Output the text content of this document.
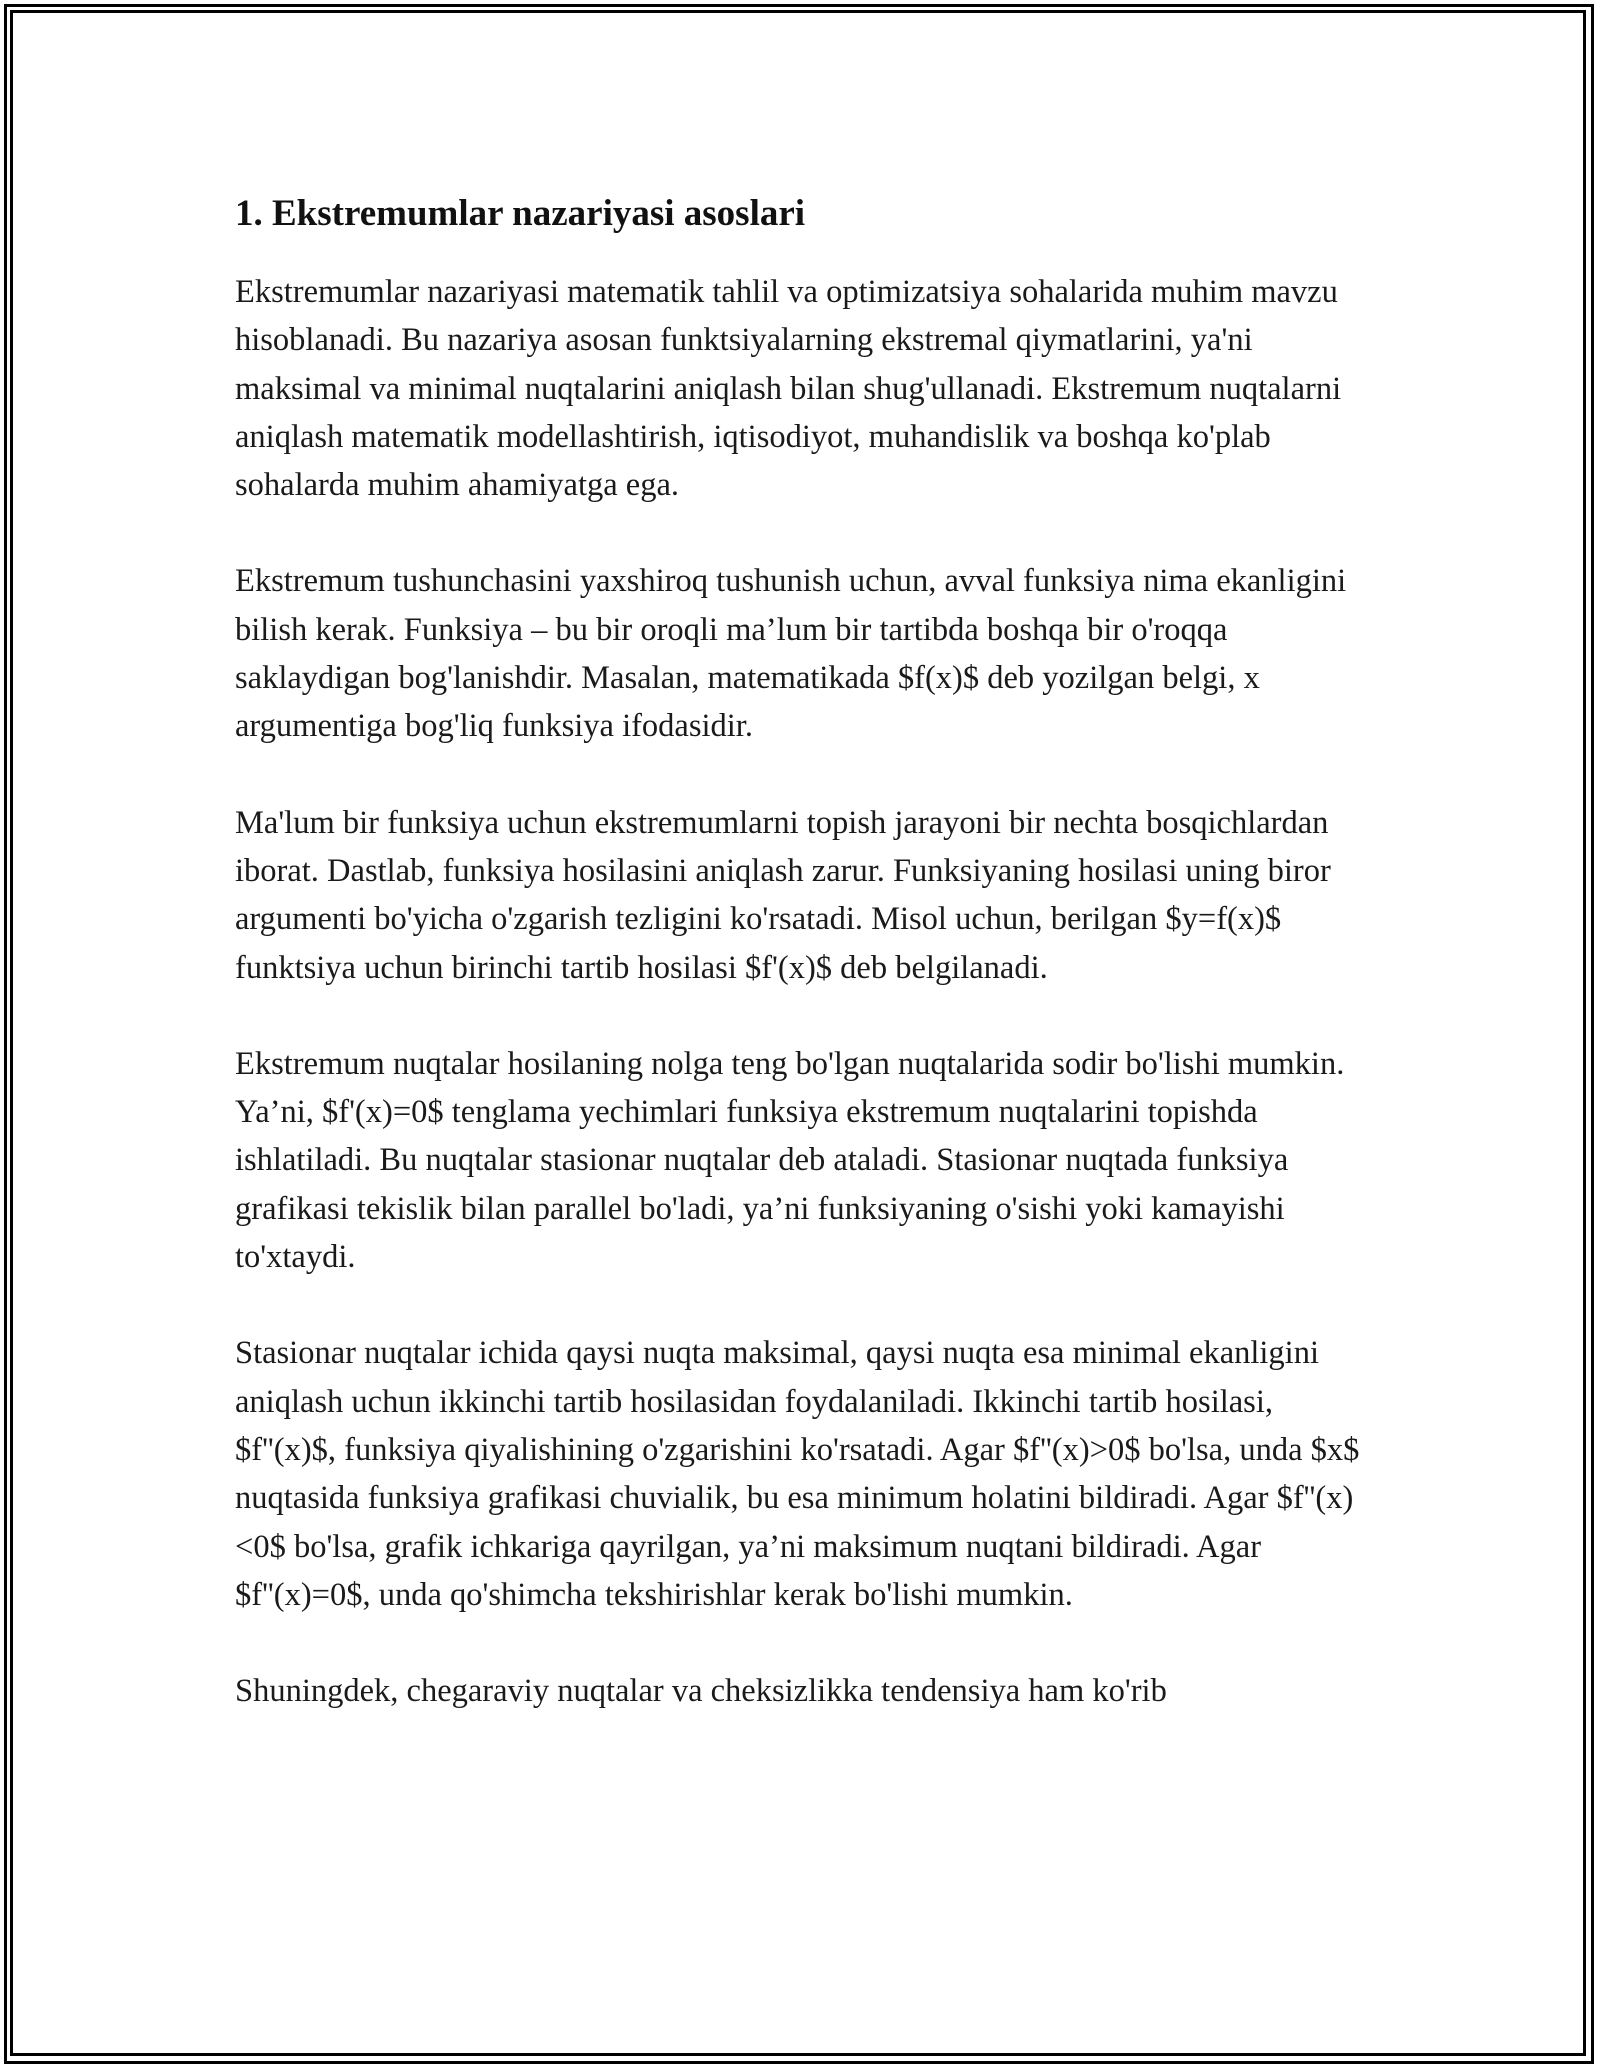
1. Ekstremumlar nazariyasi asoslari

Ekstremumlar nazariyasi matematik tahlil va optimizatsiya sohalarida muhim mavzu hisoblanadi. Bu nazariya asosan funktsiyalarning ekstremal qiymatlarini, ya'ni maksimal va minimal nuqtalarini aniqlash bilan shug'ullanadi. Ekstremum nuqtalarni aniqlash matematik modellashtirish, iqtisodiyot, muhandislik va boshqa ko'plab sohalarda muhim ahamiyatga ega.

Ekstremum tushunchasini yaxshiroq tushunish uchun, avval funksiya nima ekanligini bilish kerak. Funksiya – bu bir oroqli ma’lum bir tartibda boshqa bir o'roqqa saklaydigan bog'lanishdir. Masalan, matematikada $f(x)$ deb yozilgan belgi, x argumentiga bog'liq funksiya ifodasidir.

Ma'lum bir funksiya uchun ekstremumlarni topish jarayoni bir nechta bosqichlardan iborat. Dastlab, funksiya hosilasini aniqlash zarur. Funksiyaning hosilasi uning biror argumenti bo'yicha o'zgarish tezligini ko'rsatadi. Misol uchun, berilgan $y=f(x)$ funktsiya uchun birinchi tartib hosilasi $f'(x)$ deb belgilanadi.

Ekstremum nuqtalar hosilaning nolga teng bo'lgan nuqtalarida sodir bo'lishi mumkin. Ya’ni, $f'(x)=0$ tenglama yechimlari funksiya ekstremum nuqtalarini topishda ishlatiladi. Bu nuqtalar stasionar nuqtalar deb ataladi. Stasionar nuqtada funksiya grafikasi tekislik bilan parallel bo'ladi, ya’ni funksiyaning o'sishi yoki kamayishi to'xtaydi.

Stasionar nuqtalar ichida qaysi nuqta maksimal, qaysi nuqta esa minimal ekanligini aniqlash uchun ikkinchi tartib hosilasidan foydalaniladi. Ikkinchi tartib hosilasi, $f''(x)$, funksiya qiyalishining o'zgarishini ko'rsatadi. Agar $f''(x)>0$ bo'lsa, unda $x$ nuqtasida funksiya grafikasi chuvialik, bu esa minimum holatini bildiradi. Agar $f''(x)<0$ bo'lsa, grafik ichkariga qayrilgan, ya’ni maksimum nuqtani bildiradi. Agar $f''(x)=0$, unda qo'shimcha tekshirishlar kerak bo'lishi mumkin.

Shuningdek, chegaraviy nuqtalar va cheksizlikka tendensiya ham ko'rib
